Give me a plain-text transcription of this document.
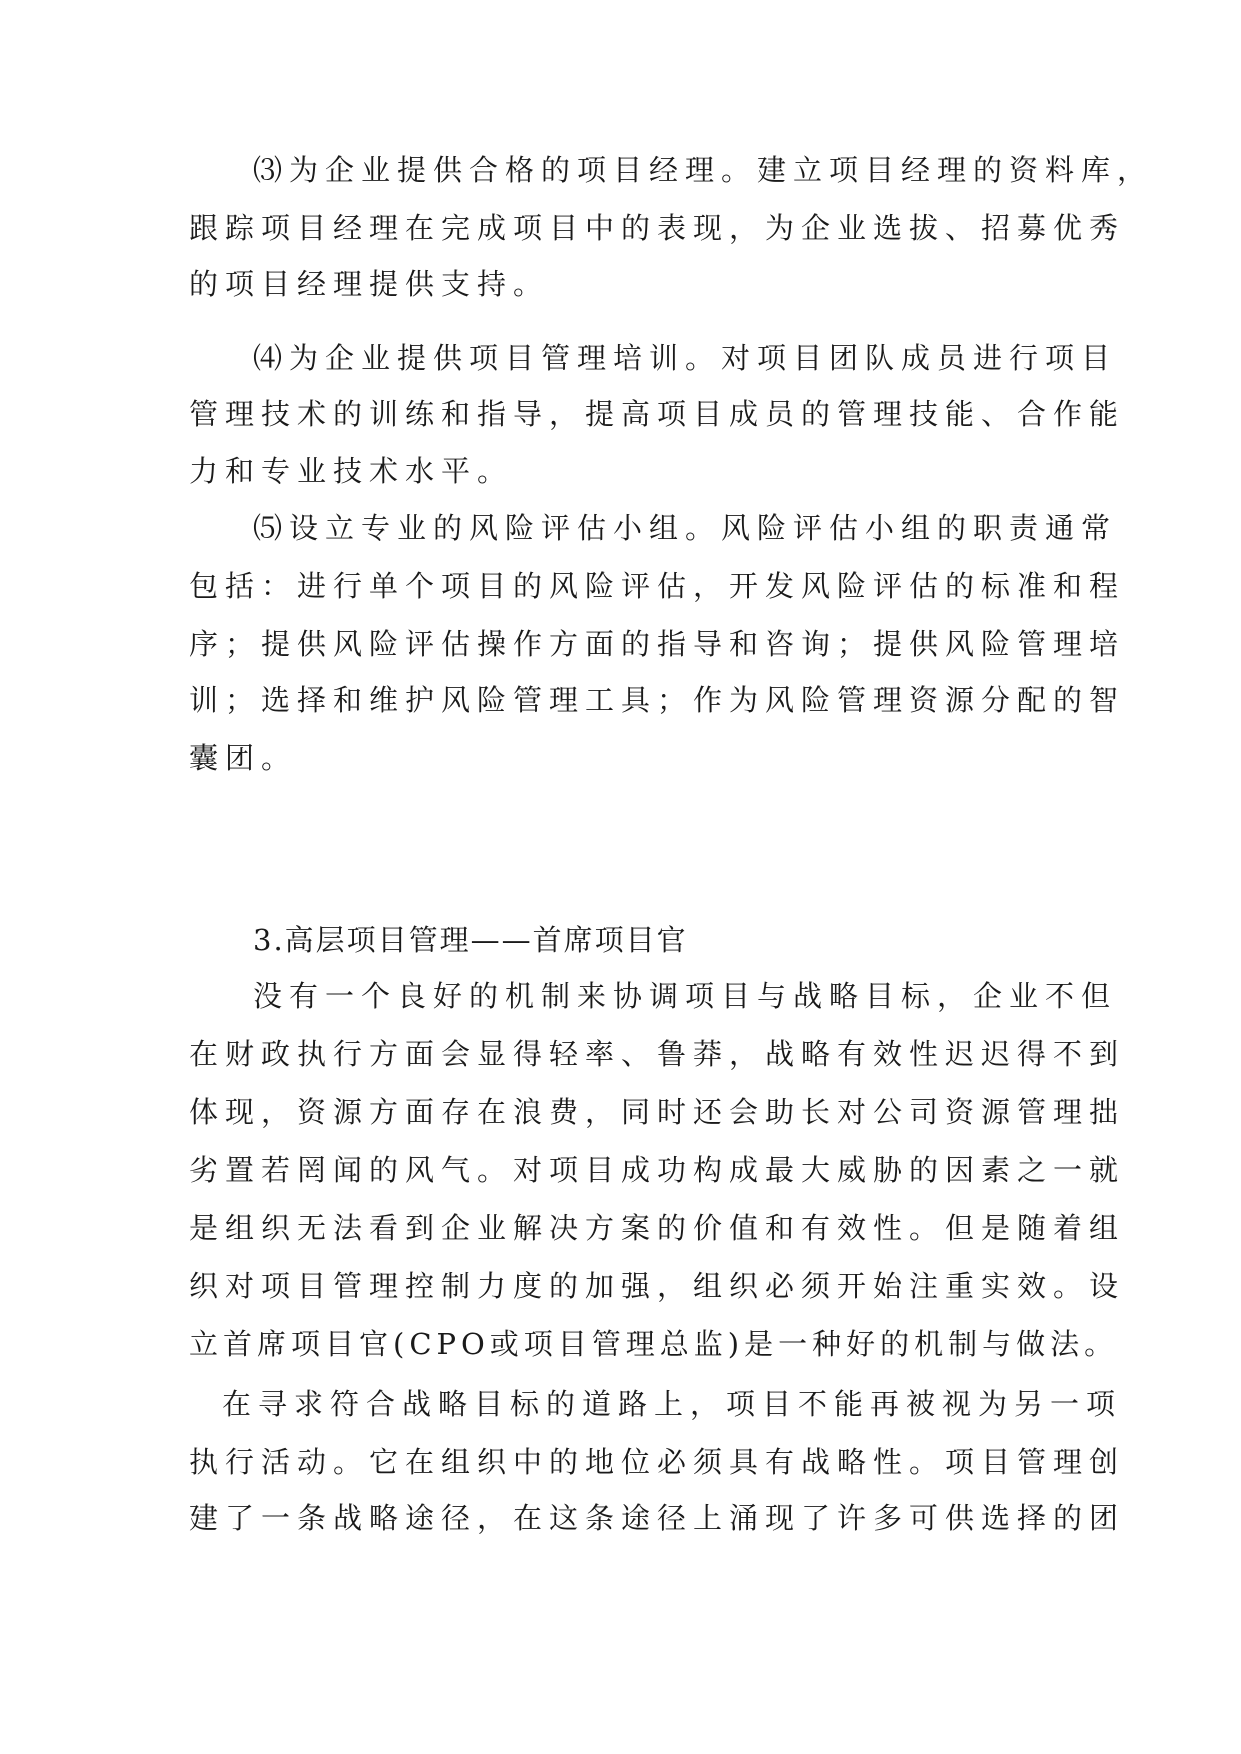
⑶为企业提供合格的项目经理。建立项目经理的资料库，

跟踪项目经理在完成项目中的表现，为企业选拔、招募优秀

的项目经理提供支持。

⑷为企业提供项目管理培训。对项目团队成员进行项目

管理技术的训练和指导，提高项目成员的管理技能、合作能

力和专业技术水平。

⑸设立专业的风险评估小组。风险评估小组的职责通常

包括：进行单个项目的风险评估，开发风险评估的标准和程

序；提供风险评估操作方面的指导和咨询；提供风险管理培

训；选择和维护风险管理工具；作为风险管理资源分配的智

囊团。

3.高层项目管理——首席项目官

没有一个良好的机制来协调项目与战略目标，企业不但

在财政执行方面会显得轻率、鲁莽，战略有效性迟迟得不到

体现，资源方面存在浪费，同时还会助长对公司资源管理拙

劣置若罔闻的风气。对项目成功构成最大威胁的因素之一就

是组织无法看到企业解决方案的价值和有效性。但是随着组

织对项目管理控制力度的加强，组织必须开始注重实效。设

立首席项目官(CPO或项目管理总监)是一种好的机制与做法。

在寻求符合战略目标的道路上，项目不能再被视为另一项

执行活动。它在组织中的地位必须具有战略性。项目管理创

建了一条战略途径，在这条途径上涌现了许多可供选择的团
